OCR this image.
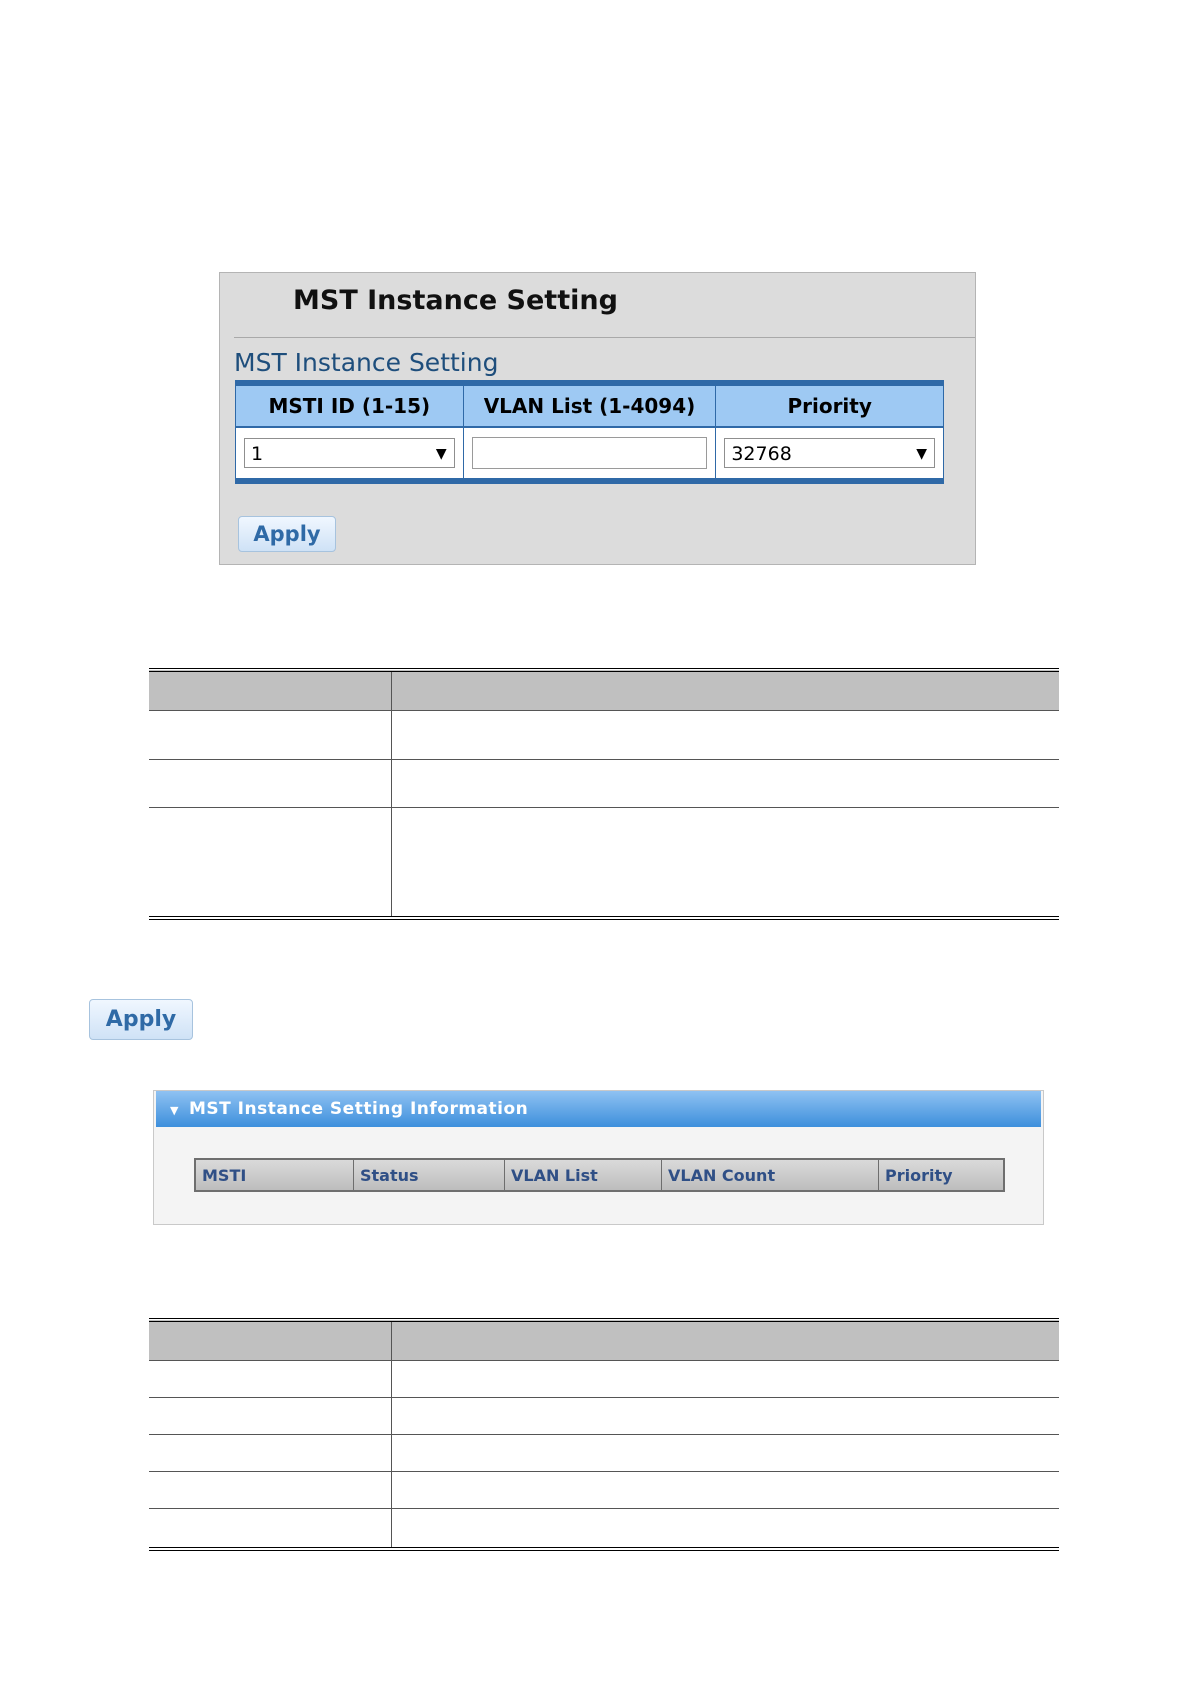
MST Instance Setting
MST Instance Setting
MSTI ID (1-15)	VLAN List (1-4094)	Priority

1 ▼		32768 ▼
Apply

Apply
▼ MST Instance Setting Information
MSTI	Status	VLAN List	VLAN Count	Priority
